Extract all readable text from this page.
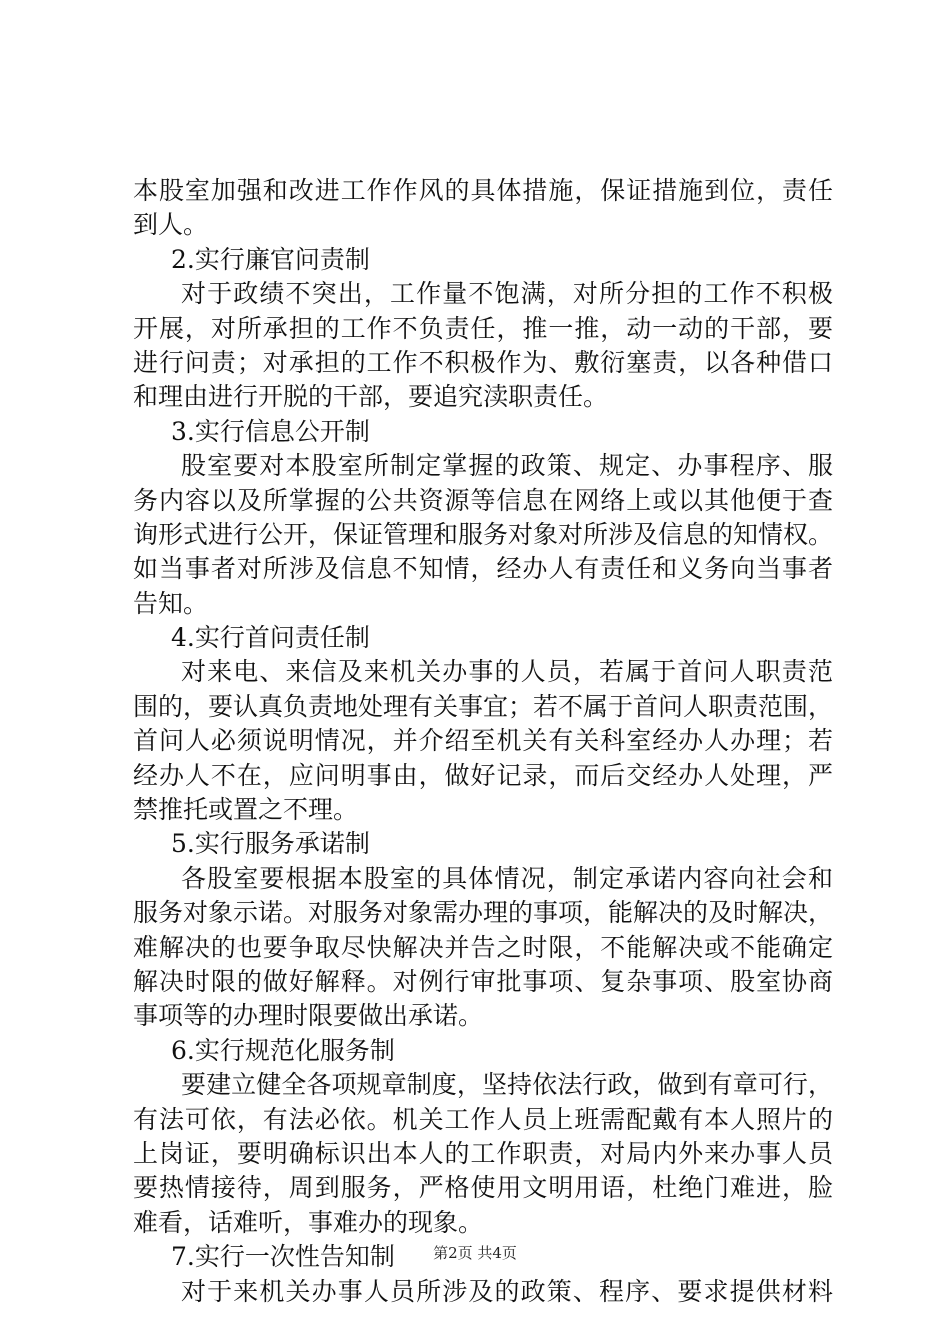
本股室加强和改进工作作风的具体措施，保证措施到位，责任
到人。
2.实行廉官问责制
对于政绩不突出，工作量不饱满，对所分担的工作不积极
开展，对所承担的工作不负责任，推一推，动一动的干部，要
进行问责；对承担的工作不积极作为、敷衍塞责，以各种借口
和理由进行开脱的干部，要追究渎职责任。
3.实行信息公开制
股室要对本股室所制定掌握的政策、规定、办事程序、服
务内容以及所掌握的公共资源等信息在网络上或以其他便于查
询形式进行公开，保证管理和服务对象对所涉及信息的知情权。
如当事者对所涉及信息不知情，经办人有责任和义务向当事者
告知。
4.实行首问责任制
对来电、来信及来机关办事的人员，若属于首问人职责范
围的，要认真负责地处理有关事宜；若不属于首问人职责范围，
首问人必须说明情况，并介绍至机关有关科室经办人办理；若
经办人不在，应问明事由，做好记录，而后交经办人处理，严
禁推托或置之不理。
5.实行服务承诺制
各股室要根据本股室的具体情况，制定承诺内容向社会和
服务对象示诺。对服务对象需办理的事项，能解决的及时解决，
难解决的也要争取尽快解决并告之时限，不能解决或不能确定
解决时限的做好解释。对例行审批事项、复杂事项、股室协商
事项等的办理时限要做出承诺。
6.实行规范化服务制
要建立健全各项规章制度，坚持依法行政，做到有章可行，
有法可依，有法必依。机关工作人员上班需配戴有本人照片的
上岗证，要明确标识出本人的工作职责，对局内外来办事人员
要热情接待，周到服务，严格使用文明用语，杜绝门难进，脸
难看，话难听，事难办的现象。
7.实行一次性告知制
对于来机关办事人员所涉及的政策、程序、要求提供材料
第2页 共4页
